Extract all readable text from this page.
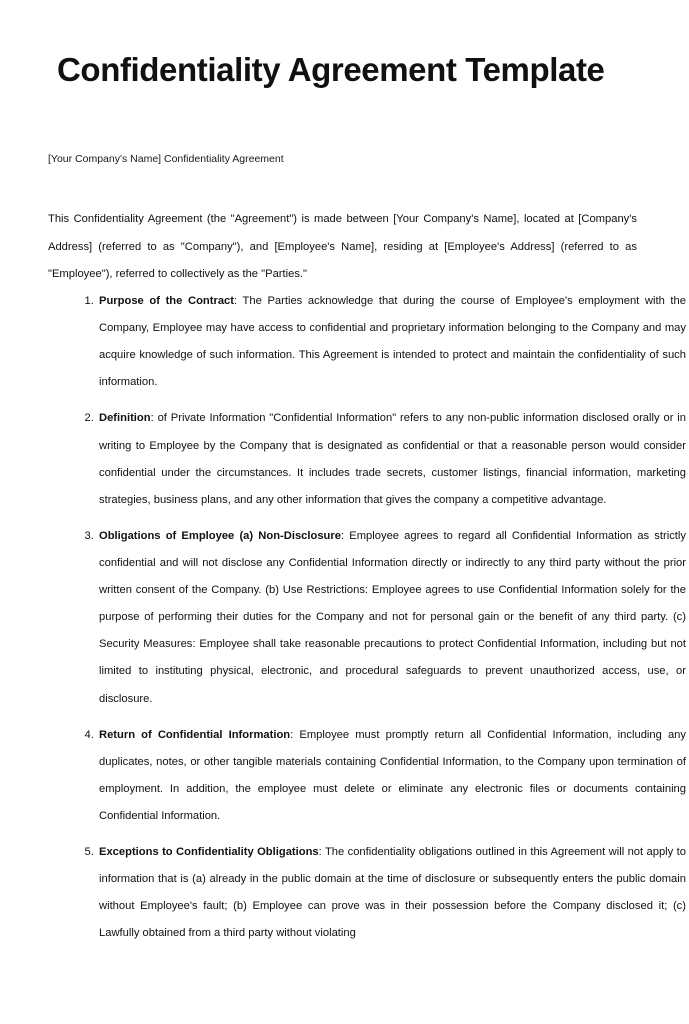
Confidentiality Agreement Template

[Your Company's Name] Confidentiality Agreement

This Confidentiality Agreement (the "Agreement") is made between [Your Company's Name], located at [Company's Address] (referred to as "Company"), and [Employee's Name], residing at [Employee's Address] (referred to as "Employee"), referred to collectively as the "Parties."

1. Purpose of the Contract: The Parties acknowledge that during the course of Employee's employment with the Company, Employee may have access to confidential and proprietary information belonging to the Company and may acquire knowledge of such information. This Agreement is intended to protect and maintain the confidentiality of such information.
2. Definition: of Private Information "Confidential Information" refers to any non-public information disclosed orally or in writing to Employee by the Company that is designated as confidential or that a reasonable person would consider confidential under the circumstances. It includes trade secrets, customer listings, financial information, marketing strategies, business plans, and any other information that gives the company a competitive advantage.
3. Obligations of Employee (a) Non-Disclosure: Employee agrees to regard all Confidential Information as strictly confidential and will not disclose any Confidential Information directly or indirectly to any third party without the prior written consent of the Company. (b) Use Restrictions: Employee agrees to use Confidential Information solely for the purpose of performing their duties for the Company and not for personal gain or the benefit of any third party. (c) Security Measures: Employee shall take reasonable precautions to protect Confidential Information, including but not limited to instituting physical, electronic, and procedural safeguards to prevent unauthorized access, use, or disclosure.
4. Return of Confidential Information: Employee must promptly return all Confidential Information, including any duplicates, notes, or other tangible materials containing Confidential Information, to the Company upon termination of employment. In addition, the employee must delete or eliminate any electronic files or documents containing Confidential Information.
5. Exceptions to Confidentiality Obligations: The confidentiality obligations outlined in this Agreement will not apply to information that is (a) already in the public domain at the time of disclosure or subsequently enters the public domain without Employee's fault; (b) Employee can prove was in their possession before the Company disclosed it; (c) Lawfully obtained from a third party without violating
